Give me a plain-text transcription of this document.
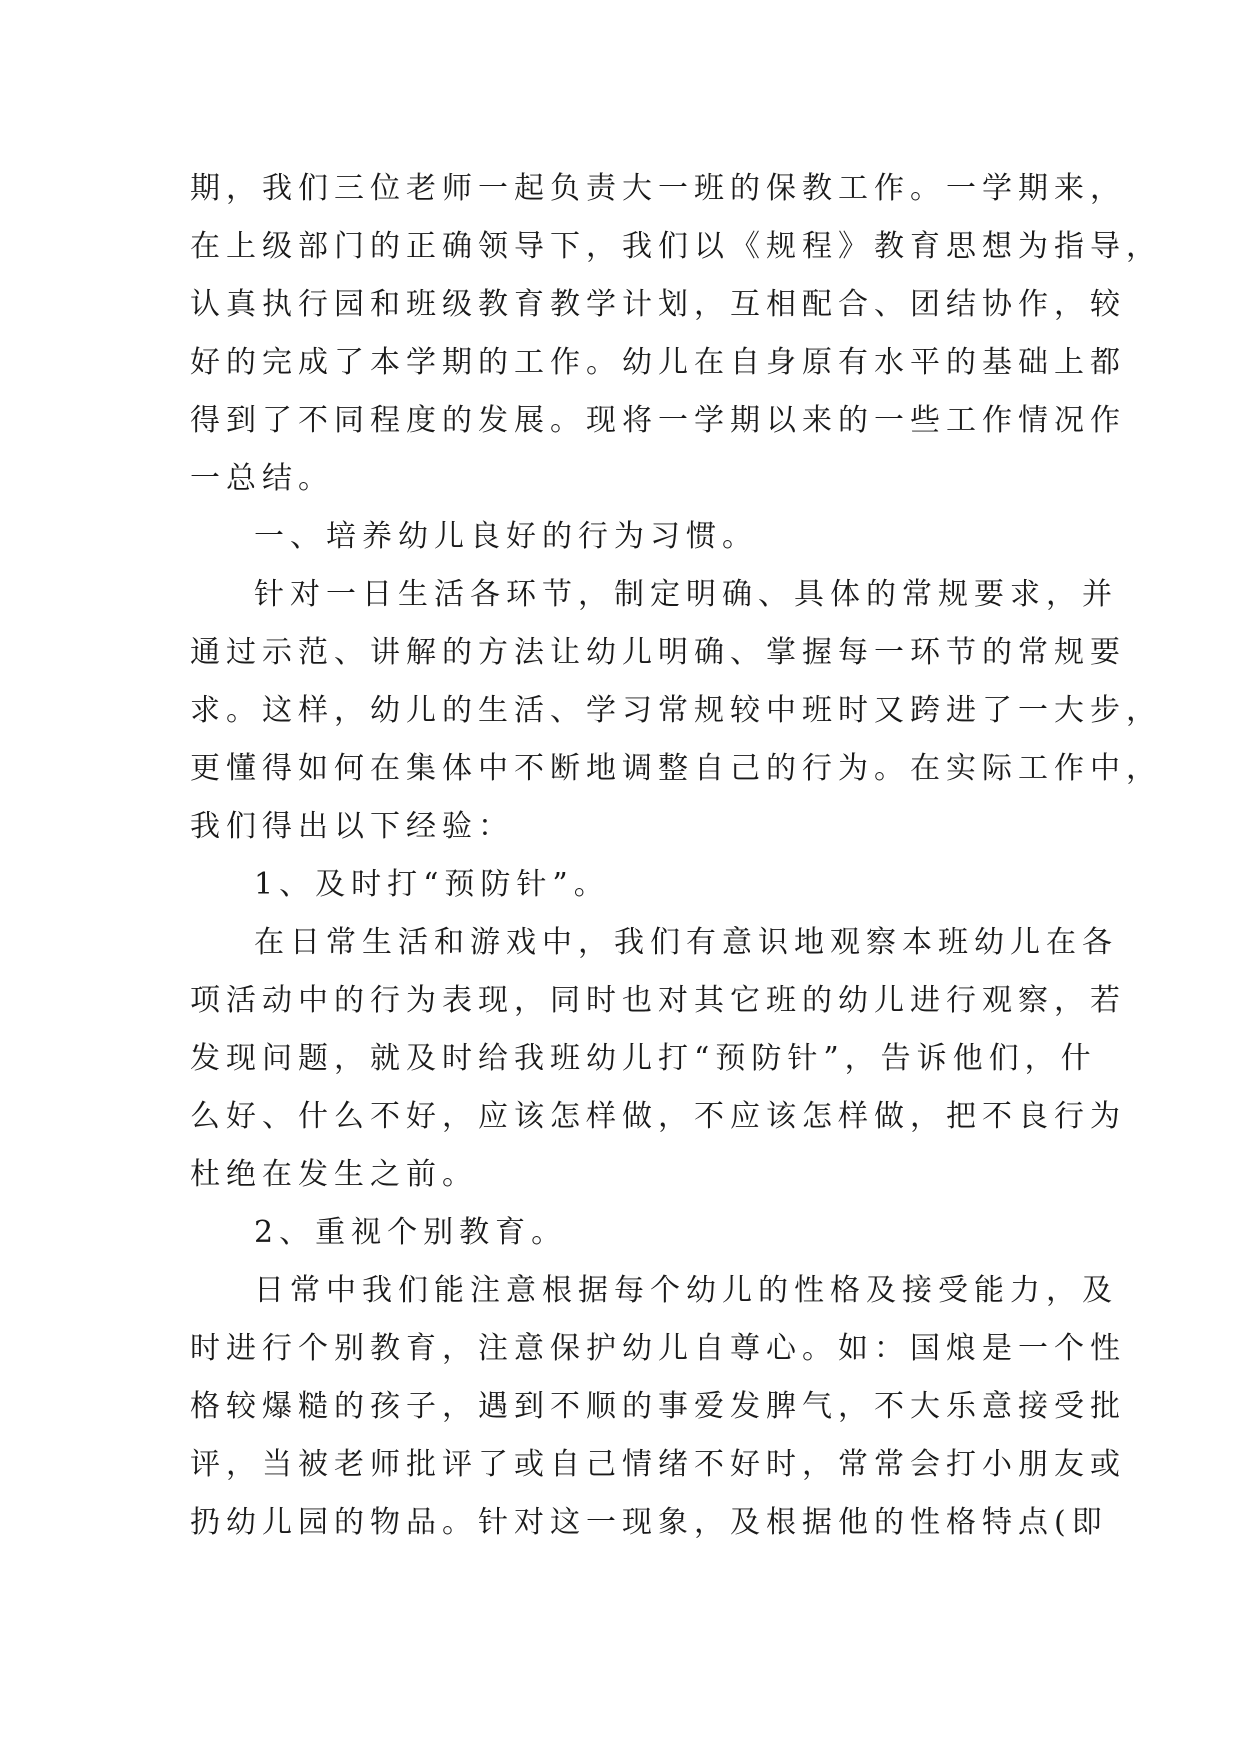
期，我们三位老师一起负责大一班的保教工作。一学期来，
在上级部门的正确领导下，我们以《规程》教育思想为指导，
认真执行园和班级教育教学计划，互相配合、团结协作，较
好的完成了本学期的工作。幼儿在自身原有水平的基础上都
得到了不同程度的发展。现将一学期以来的一些工作情况作
一总结。
一、培养幼儿良好的行为习惯。
针对一日生活各环节，制定明确、具体的常规要求，并
通过示范、讲解的方法让幼儿明确、掌握每一环节的常规要
求。这样，幼儿的生活、学习常规较中班时又跨进了一大步，
更懂得如何在集体中不断地调整自己的行为。在实际工作中，
我们得出以下经验：
1、及时打“预防针”。
在日常生活和游戏中，我们有意识地观察本班幼儿在各
项活动中的行为表现，同时也对其它班的幼儿进行观察，若
发现问题，就及时给我班幼儿打“预防针”，告诉他们，什
么好、什么不好，应该怎样做，不应该怎样做，把不良行为
杜绝在发生之前。
2、重视个别教育。
日常中我们能注意根据每个幼儿的性格及接受能力，及
时进行个别教育，注意保护幼儿自尊心。如：国烺是一个性
格较爆糙的孩子，遇到不顺的事爱发脾气，不大乐意接受批
评，当被老师批评了或自己情绪不好时，常常会打小朋友或
扔幼儿园的物品。针对这一现象，及根据他的性格特点(即
